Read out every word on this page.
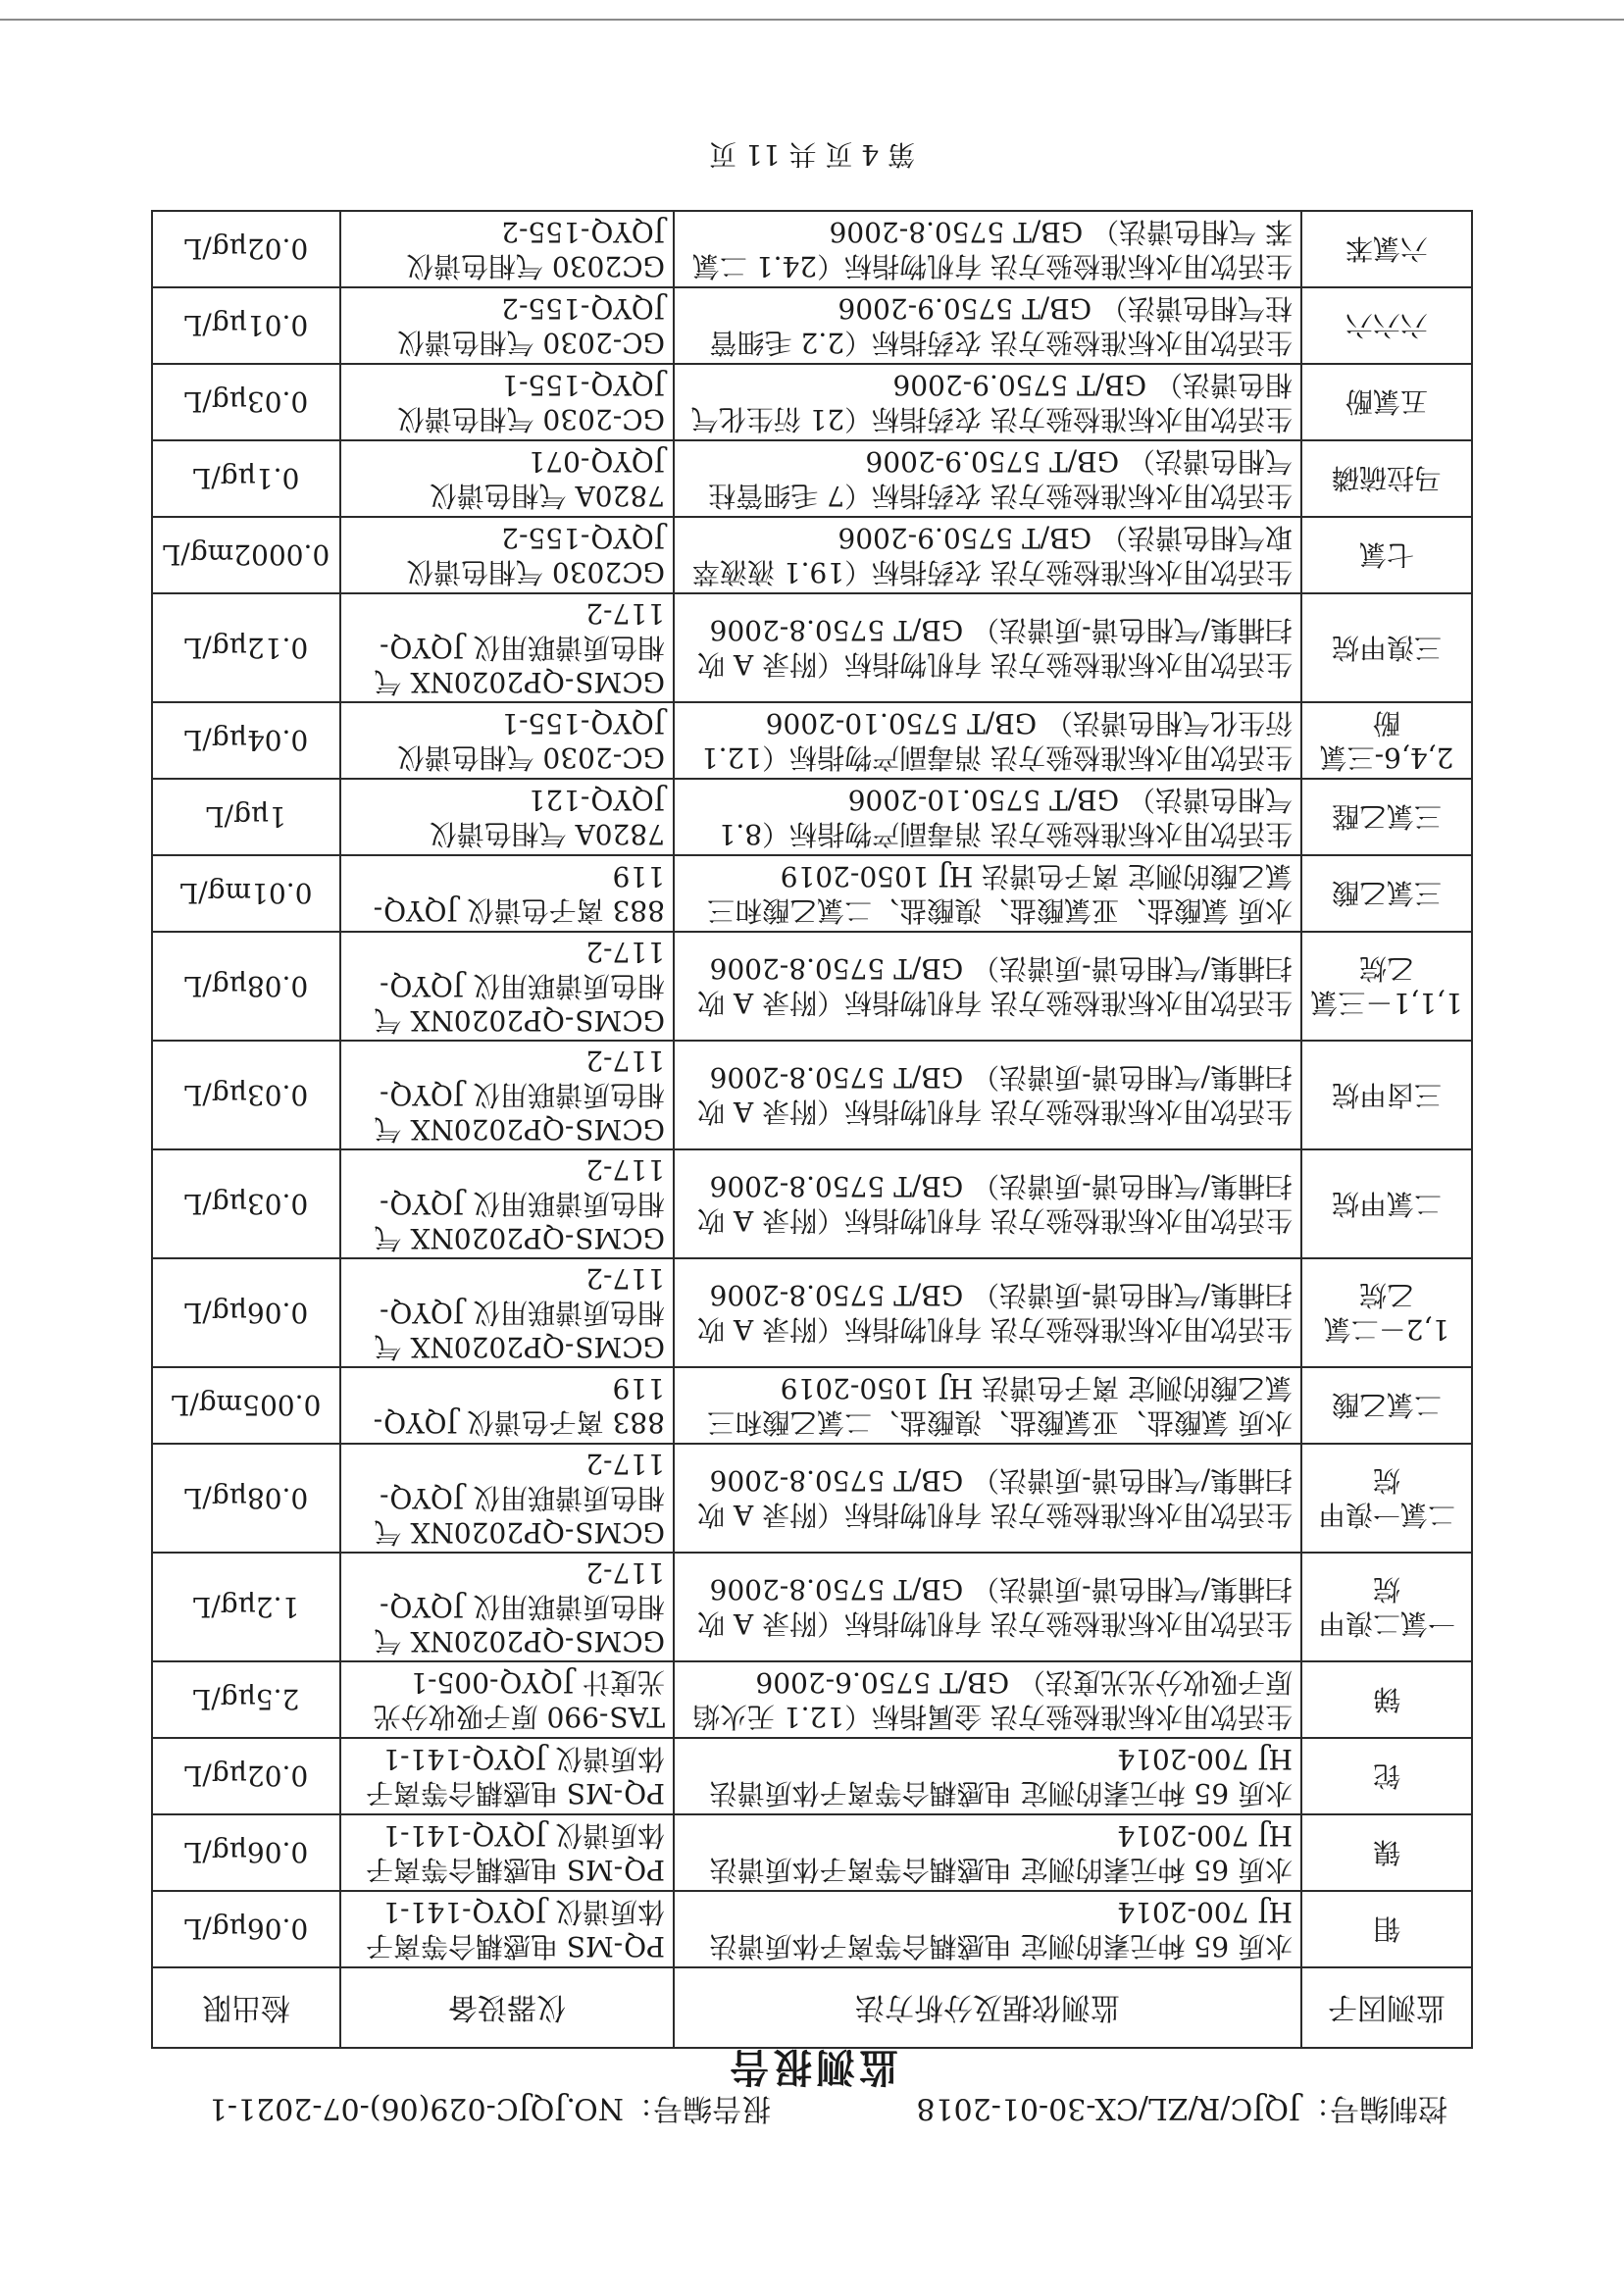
控制编号：JQJC/R/ZL/CX-30-01-2018
报告编号：NO.JQJC-029(06)-07-2021-1
监测报告
监测因子	监测依据及分析方法	仪器设备	检出限
钼	水质 65 种元素的测定 电感耦合等离子体质谱法 HJ 700-2014	PQ-MS 电感耦合等离子体质谱仪 JQYQ-141-1	0.06μg/L
镍	水质 65 种元素的测定 电感耦合等离子体质谱法 HJ 700-2014	PQ-MS 电感耦合等离子体质谱仪 JQYQ-141-1	0.06μg/L
铊	水质 65 种元素的测定 电感耦合等离子体质谱法 HJ 700-2014	PQ-MS 电感耦合等离子体质谱仪 JQYQ-141-1	0.02μg/L
锑	生活饮用水标准检验方法 金属指标（12.1 无火焰原子吸收分光光度法） GB/T 5750.6-2006	TAS-990 原子吸收分光光度计 JQYQ-005-1	2.5μg/L
一氯二溴甲烷	生活饮用水标准检验方法 有机物指标（附录 A 吹扫捕集/气相色谱-质谱法） GB/T 5750.8-2006	GCMS-QP2020NX 气相色质谱联用仪 JQYQ-117-2	1.2μg/L
二氯一溴甲烷	生活饮用水标准检验方法 有机物指标（附录 A 吹扫捕集/气相色谱-质谱法） GB/T 5750.8-2006	GCMS-QP2020NX 气相色质谱联用仪 JQYQ-117-2	0.08μg/L
二氯乙酸	水质 氯酸盐、亚氯酸盐、溴酸盐、二氯乙酸和三氯乙酸的测定 离子色谱法 HJ 1050-2019	883 离子色谱仪 JQYQ-119	0.005mg/L
1,2－二氯乙烷	生活饮用水标准检验方法 有机物指标（附录 A 吹扫捕集/气相色谱-质谱法） GB/T 5750.8-2006	GCMS-QP2020NX 气相色质谱联用仪 JQYQ-117-2	0.06μg/L
二氯甲烷	生活饮用水标准检验方法 有机物指标（附录 A 吹扫捕集/气相色谱-质谱法） GB/T 5750.8-2006	GCMS-QP2020NX 气相色质谱联用仪 JQYQ-117-2	0.03μg/L
三卤甲烷	生活饮用水标准检验方法 有机物指标（附录 A 吹扫捕集/气相色谱-质谱法） GB/T 5750.8-2006	GCMS-QP2020NX 气相色质谱联用仪 JQYQ-117-2	0.03μg/L
1,1,1－三氯乙烷	生活饮用水标准检验方法 有机物指标（附录 A 吹扫捕集/气相色谱-质谱法） GB/T 5750.8-2006	GCMS-QP2020NX 气相色质谱联用仪 JQYQ-117-2	0.08μg/L
三氯乙酸	水质 氯酸盐、亚氯酸盐、溴酸盐、二氯乙酸和三氯乙酸的测定 离子色谱法 HJ 1050-2019	883 离子色谱仪 JQYQ-119	0.01mg/L
三氯乙醛	生活饮用水标准检验方法 消毒副产物指标（8.1 气相色谱法） GB/T 5750.10-2006	7820A 气相色谱仪 JQYQ-121	1μg/L
2,4,6-三氯酚	生活饮用水标准检验方法 消毒副产物指标（12.1 衍生化气相色谱法） GB/T 5750.10-2006	GC-2030 气相色谱仪 JQYQ-155-1	0.04μg/L
三溴甲烷	生活饮用水标准检验方法 有机物指标（附录 A 吹扫捕集/气相色谱-质谱法） GB/T 5750.8-2006	GCMS-QP2020NX 气相色质谱联用仪 JQYQ-117-2	0.12μg/L
七氯	生活饮用水标准检验方法 农药指标（19.1 液液萃取气相色谱法） GB/T 5750.9-2006	GC2030 气相色谱仪 JQYQ-155-2	0.0002mg/L
马拉硫磷	生活饮用水标准检验方法 农药指标（7 毛细管柱气相色谱法） GB/T 5750.9-2006	7820A 气相色谱仪 JQYQ-071	0.1μg/L
五氯酚	生活饮用水标准检验方法 农药指标（21 衍生化气相色谱法） GB/T 5750.9-2006	GC-2030 气相色谱仪 JQYQ-155-1	0.03μg/L
六六六	生活饮用水标准检验方法 农药指标（2.2 毛细管柱气相色谱法） GB/T 5750.9-2006	GC-2030 气相色谱仪 JQYQ-155-2	0.01μg/L
六氯苯	生活饮用水标准检验方法 有机物指标（24.1 二氯苯 气相色谱法） GB/T 5750.8-2006	GC2030 气相色谱仪 JQYQ-155-2	0.02μg/L
第 4 页 共 11 页
